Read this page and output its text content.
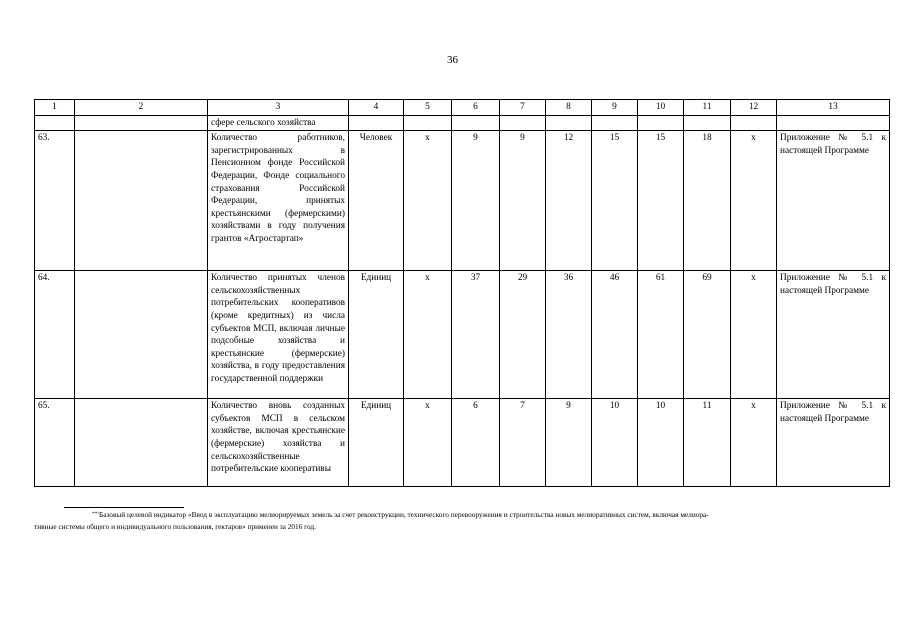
36
1	2	3	4	5	6	7	8	9	10	11	12	13
		сфере сельского хозяйства										
63.		Количество работников, зарегистрированных в Пенсионном фонде Российской Федерации, Фонде социального страхования Российской Федерации, принятых крестьянскими (фермерскими) хозяйствами в году получения грантов «Агростартап»	Человек	x	9	9	12	15	15	18	x	Приложение № 5.1 к настоящей Программе
64.		Количество принятых членов сельскохозяйственных потребительских кооперативов (кроме кредитных) из числа субъектов МСП, включая личные подсобные хозяйства и крестьянские (фермерские) хозяйства, в году предоставления государственной поддержки	Единиц	x	37	29	36	46	61	69	x	Приложение № 5.1 к настоящей Программе
65.		Количество вновь созданных субъектов МСП в сельском хозяйстве, включая крестьянские (фермерские) хозяйства и сельскохозяйственные потребительские кооперативы	Единиц	x	6	7	9	10	10	11	x	Приложение № 5.1 к настоящей Программе

**/Базовый целевой индикатор «Ввод в эксплуатацию мелиорируемых земель за счет реконструкции, технического перевооружения и строительства новых мелиоративных систем, включая мелиора-

тивные системы общего и индивидуального пользования, гектаров» применен за 2016 год.
